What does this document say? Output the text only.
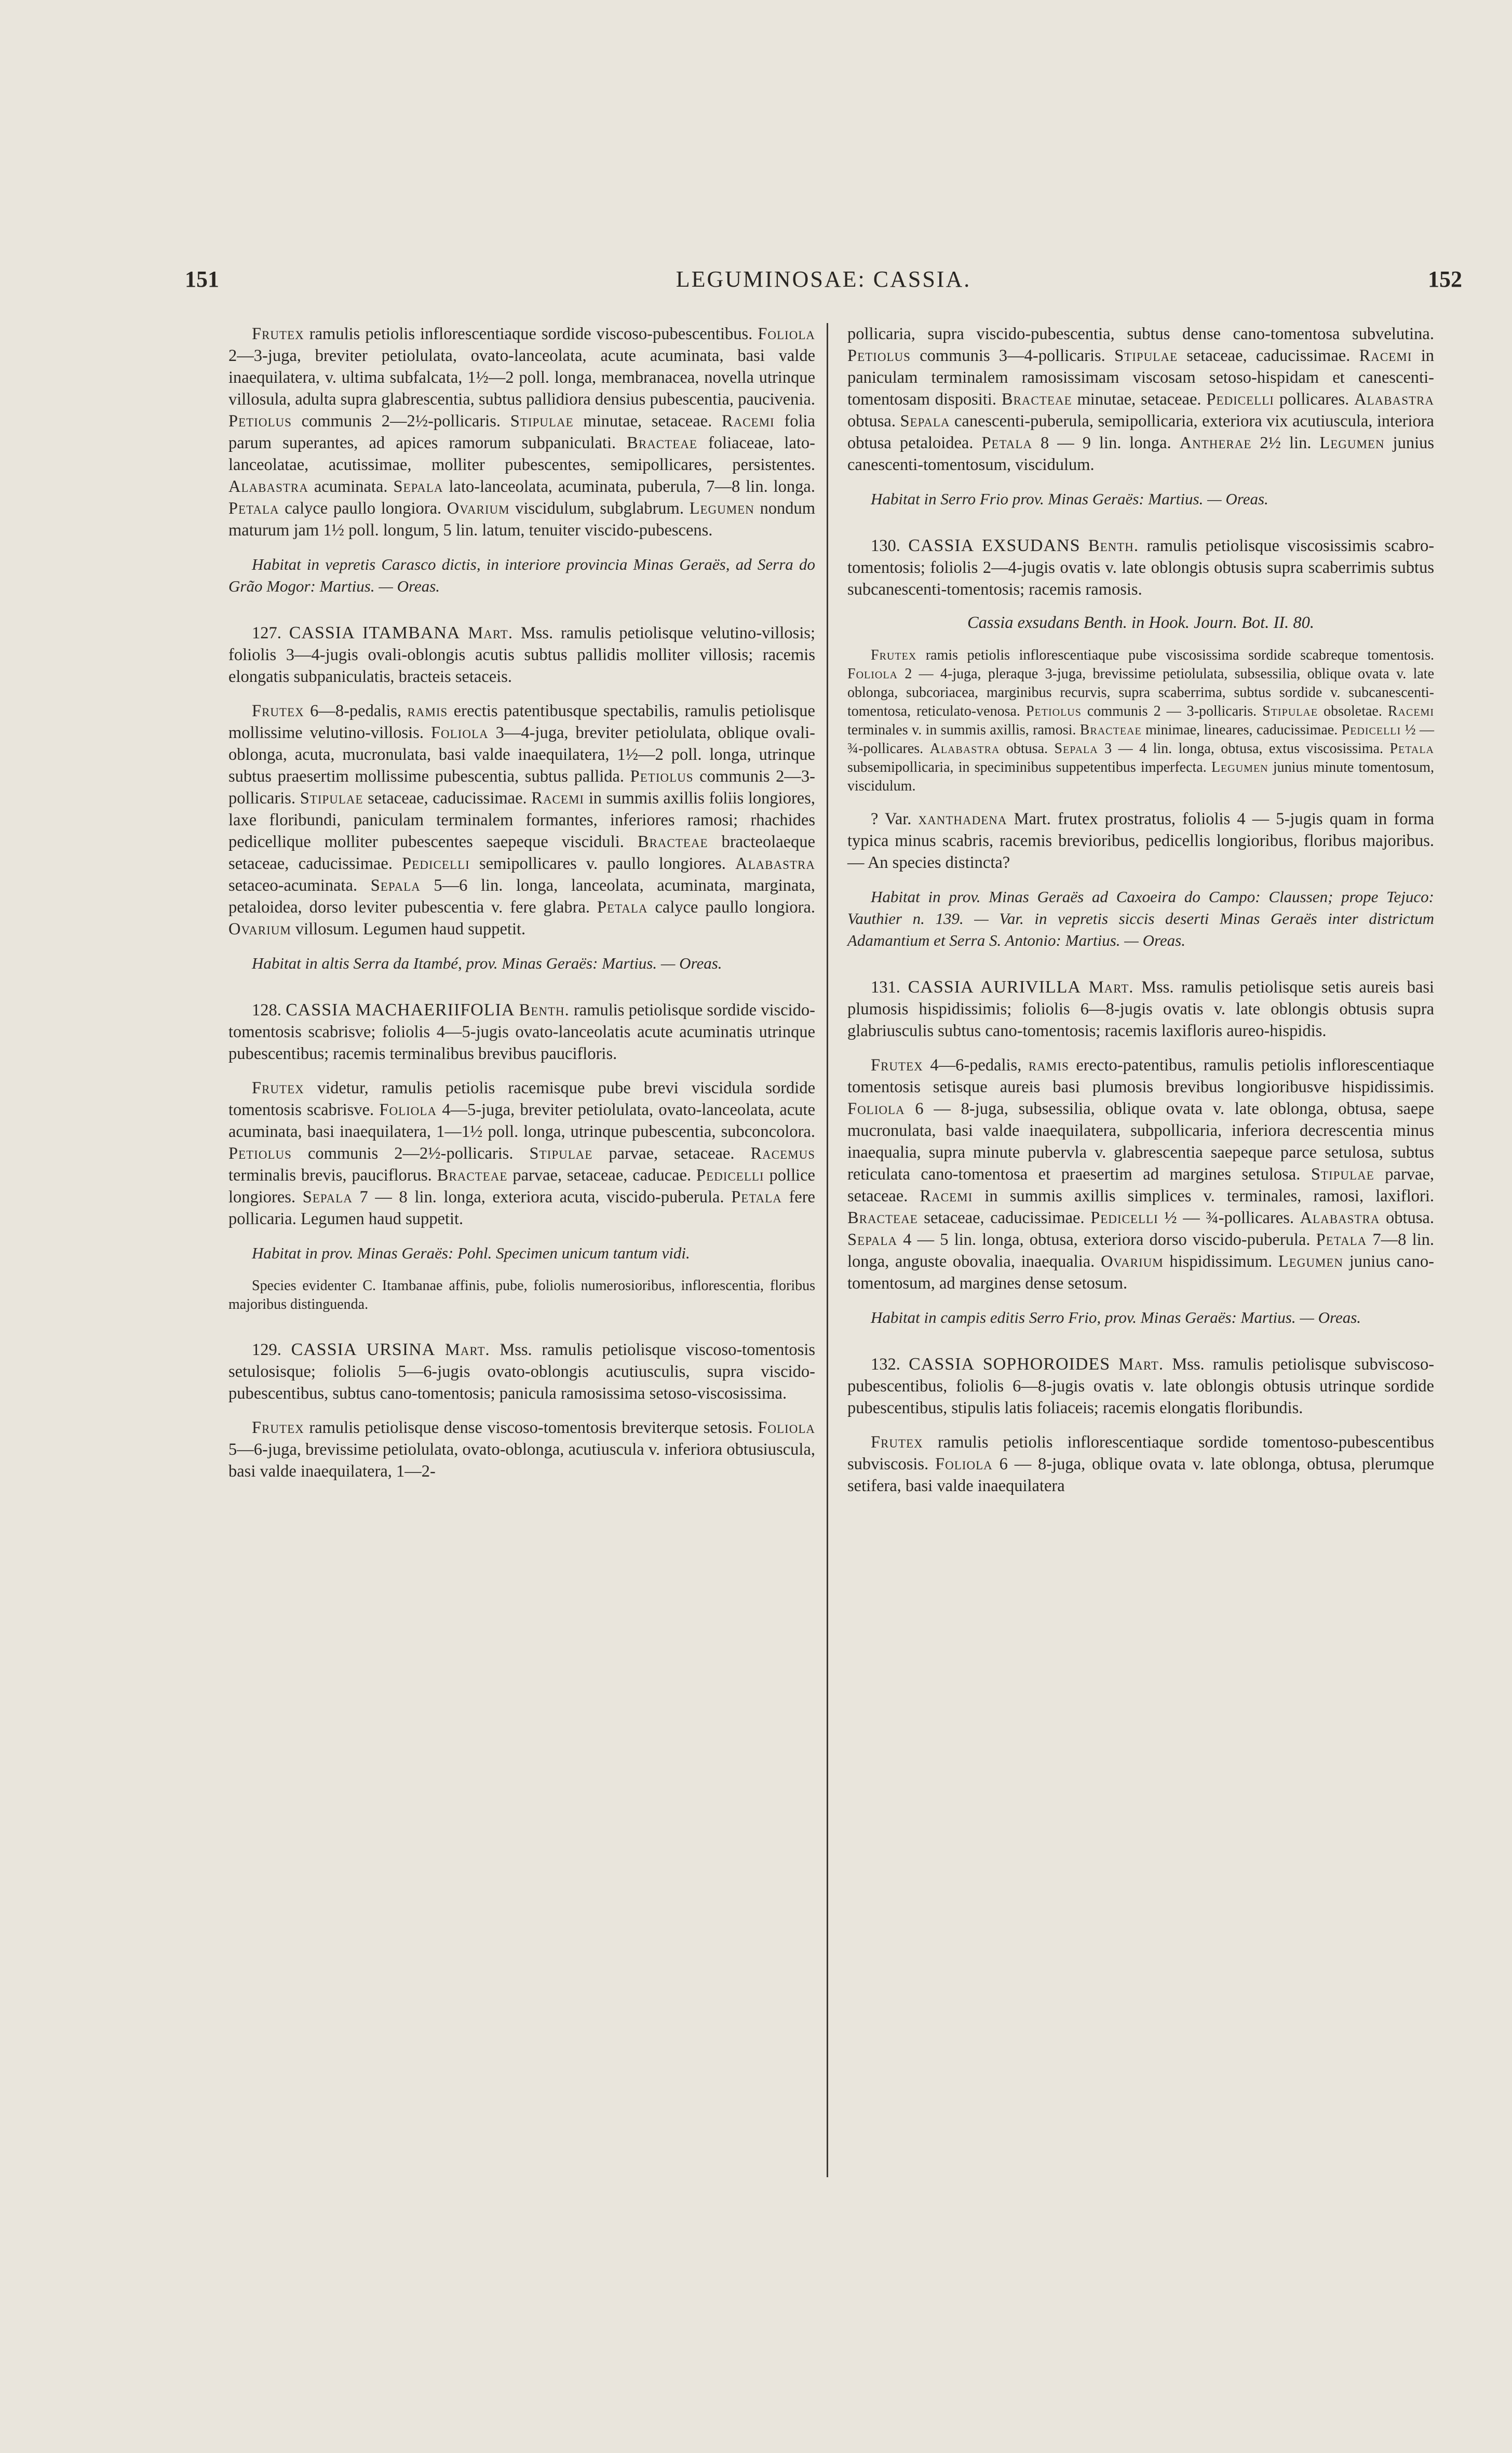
151	LEGUMINOSAE: CASSIA.	152

Frutex ramulis petiolis inflorescentiaque sordide viscoso-pubescentibus. Foliola 2—3-juga, breviter petiolulata, ovato-lanceolata, acute acuminata, basi valde inaequilatera, v. ultima subfalcata, 1½—2 poll. longa, membranacea, novella utrinque villosula, adulta supra glabrescentia, subtus pallidiora densius pubescentia, paucivenia. Petiolus communis 2—2½-pollicaris. Stipulae minutae, setaceae. Racemi folia parum superantes, ad apices ramorum subpaniculati. Bracteae foliaceae, lato-lanceolatae, acutissimae, molliter pubescentes, semipollicares, persistentes. Alabastra acuminata. Sepala lato-lanceolata, acuminata, puberula, 7—8 lin. longa. Petala calyce paullo longiora. Ovarium viscidulum, subglabrum. Legumen nondum maturum jam 1½ poll. longum, 5 lin. latum, tenuiter viscido-pubescens.

Habitat in vepretis Carasco dictis, in interiore provincia Minas Geraës, ad Serra do Grão Mogor: Martius. — Oreas.

127. CASSIA ITAMBANA Mart. Mss. ramulis petiolisque velutino-villosis; foliolis 3—4-jugis ovali-oblongis acutis subtus pallidis molliter villosis; racemis elongatis subpaniculatis, bracteis setaceis.

Frutex 6—8-pedalis, ramis erectis patentibusque spectabilis, ramulis petiolisque mollissime velutino-villosis. Foliola 3—4-juga, breviter petiolulata, oblique ovali-oblonga, acuta, mucronulata, basi valde inaequilatera, 1½—2 poll. longa, utrinque subtus praesertim mollissime pubescentia, subtus pallida. Petiolus communis 2—3-pollicaris. Stipulae setaceae, caducissimae. Racemi in summis axillis foliis longiores, laxe floribundi, paniculam terminalem formantes, inferiores ramosi; rhachides pedicellique molliter pubescentes saepeque visciduli. Bracteae bracteolaeque setaceae, caducissimae. Pedicelli semipollicares v. paullo longiores. Alabastra setaceo-acuminata. Sepala 5—6 lin. longa, lanceolata, acuminata, marginata, petaloidea, dorso leviter pubescentia v. fere glabra. Petala calyce paullo longiora. Ovarium villosum. Legumen haud suppetit.

Habitat in altis Serra da Itambé, prov. Minas Geraës: Martius. — Oreas.

128. CASSIA MACHAERIIFOLIA Benth. ramulis petiolisque sordide viscido-tomentosis scabrisve; foliolis 4—5-jugis ovato-lanceolatis acute acuminatis utrinque pubescentibus; racemis terminalibus brevibus paucifloris.

Frutex videtur, ramulis petiolis racemisque pube brevi viscidula sordide tomentosis scabrisve. Foliola 4—5-juga, breviter petiolulata, ovato-lanceolata, acute acuminata, basi inaequilatera, 1—1½ poll. longa, utrinque pubescentia, subconcolora. Petiolus communis 2—2½-pollicaris. Stipulae parvae, setaceae. Racemus terminalis brevis, pauciflorus. Bracteae parvae, setaceae, caducae. Pedicelli pollice longiores. Sepala 7 — 8 lin. longa, exteriora acuta, viscido-puberula. Petala fere pollicaria. Legumen haud suppetit.

Habitat in prov. Minas Geraës: Pohl. Specimen unicum tantum vidi.

Species evidenter C. Itambanae affinis, pube, foliolis numerosioribus, inflorescentia, floribus majoribus distinguenda.

129. CASSIA URSINA Mart. Mss. ramulis petiolisque viscoso-tomentosis setulosisque; foliolis 5—6-jugis ovato-oblongis acutiusculis, supra viscido-pubescentibus, subtus cano-tomentosis; panicula ramosissima setoso-viscosissima.

Frutex ramulis petiolisque dense viscoso-tomentosis breviterque setosis. Foliola 5—6-juga, brevissime petiolulata, ovato-oblonga, acutiuscula v. inferiora obtusiuscula, basi valde inaequilatera, 1—2-

pollicaria, supra viscido-pubescentia, subtus dense cano-tomentosa subvelutina. Petiolus communis 3—4-pollicaris. Stipulae setaceae, caducissimae. Racemi in paniculam terminalem ramosissimam viscosam setoso-hispidam et canescenti-tomentosam dispositi. Bracteae minutae, setaceae. Pedicelli pollicares. Alabastra obtusa. Sepala canescenti-puberula, semipollicaria, exteriora vix acutiuscula, interiora obtusa petaloidea. Petala 8 — 9 lin. longa. Antherae 2½ lin. Legumen junius canescenti-tomentosum, viscidulum.

Habitat in Serro Frio prov. Minas Geraës: Martius. — Oreas.

130. CASSIA EXSUDANS Benth. ramulis petiolisque viscosissimis scabro-tomentosis; foliolis 2—4-jugis ovatis v. late oblongis obtusis supra scaberrimis subtus subcanescenti-tomentosis; racemis ramosis.

Cassia exsudans Benth. in Hook. Journ. Bot. II. 80.

Frutex ramis petiolis inflorescentiaque pube viscosissima sordide scabreque tomentosis. Foliola 2 — 4-juga, pleraque 3-juga, brevissime petiolulata, subsessilia, oblique ovata v. late oblonga, subcoriacea, marginibus recurvis, supra scaberrima, subtus sordide v. subcanescenti-tomentosa, reticulato-venosa. Petiolus communis 2 — 3-pollicaris. Stipulae obsoletae. Racemi terminales v. in summis axillis, ramosi. Bracteae minimae, lineares, caducissimae. Pedicelli ½ — ¾-pollicares. Alabastra obtusa. Sepala 3 — 4 lin. longa, obtusa, extus viscosissima. Petala subsemipollicaria, in speciminibus suppetentibus imperfecta. Legumen junius minute tomentosum, viscidulum.

? Var. xanthadena Mart. frutex prostratus, foliolis 4 — 5-jugis quam in forma typica minus scabris, racemis brevioribus, pedicellis longioribus, floribus majoribus. — An species distincta?

Habitat in prov. Minas Geraës ad Caxoeira do Campo: Claussen; prope Tejuco: Vauthier n. 139. — Var. in vepretis siccis deserti Minas Geraës inter districtum Adamantium et Serra S. Antonio: Martius. — Oreas.

131. CASSIA AURIVILLA Mart. Mss. ramulis petiolisque setis aureis basi plumosis hispidissimis; foliolis 6—8-jugis ovatis v. late oblongis obtusis supra glabriusculis subtus cano-tomentosis; racemis laxifloris aureo-hispidis.

Frutex 4—6-pedalis, ramis erecto-patentibus, ramulis petiolis inflorescentiaque tomentosis setisque aureis basi plumosis brevibus longioribusve hispidissimis. Foliola 6 — 8-juga, subsessilia, oblique ovata v. late oblonga, obtusa, saepe mucronulata, basi valde inaequilatera, subpollicaria, inferiora decrescentia minus inaequalia, supra minute pubervla v. glabrescentia saepeque parce setulosa, subtus reticulata cano-tomentosa et praesertim ad margines setulosa. Stipulae parvae, setaceae. Racemi in summis axillis simplices v. terminales, ramosi, laxiflori. Bracteae setaceae, caducissimae. Pedicelli ½ — ¾-pollicares. Alabastra obtusa. Sepala 4 — 5 lin. longa, obtusa, exteriora dorso viscido-puberula. Petala 7—8 lin. longa, anguste obovalia, inaequalia. Ovarium hispidissimum. Legumen junius cano-tomentosum, ad margines dense setosum.

Habitat in campis editis Serro Frio, prov. Minas Geraës: Martius. — Oreas.

132. CASSIA SOPHOROIDES Mart. Mss. ramulis petiolisque subviscoso-pubescentibus, foliolis 6—8-jugis ovatis v. late oblongis obtusis utrinque sordide pubescentibus, stipulis latis foliaceis; racemis elongatis floribundis.

Frutex ramulis petiolis inflorescentiaque sordide tomentoso-pubescentibus subviscosis. Foliola 6 — 8-juga, oblique ovata v. late oblonga, obtusa, plerumque setifera, basi valde inaequilatera
